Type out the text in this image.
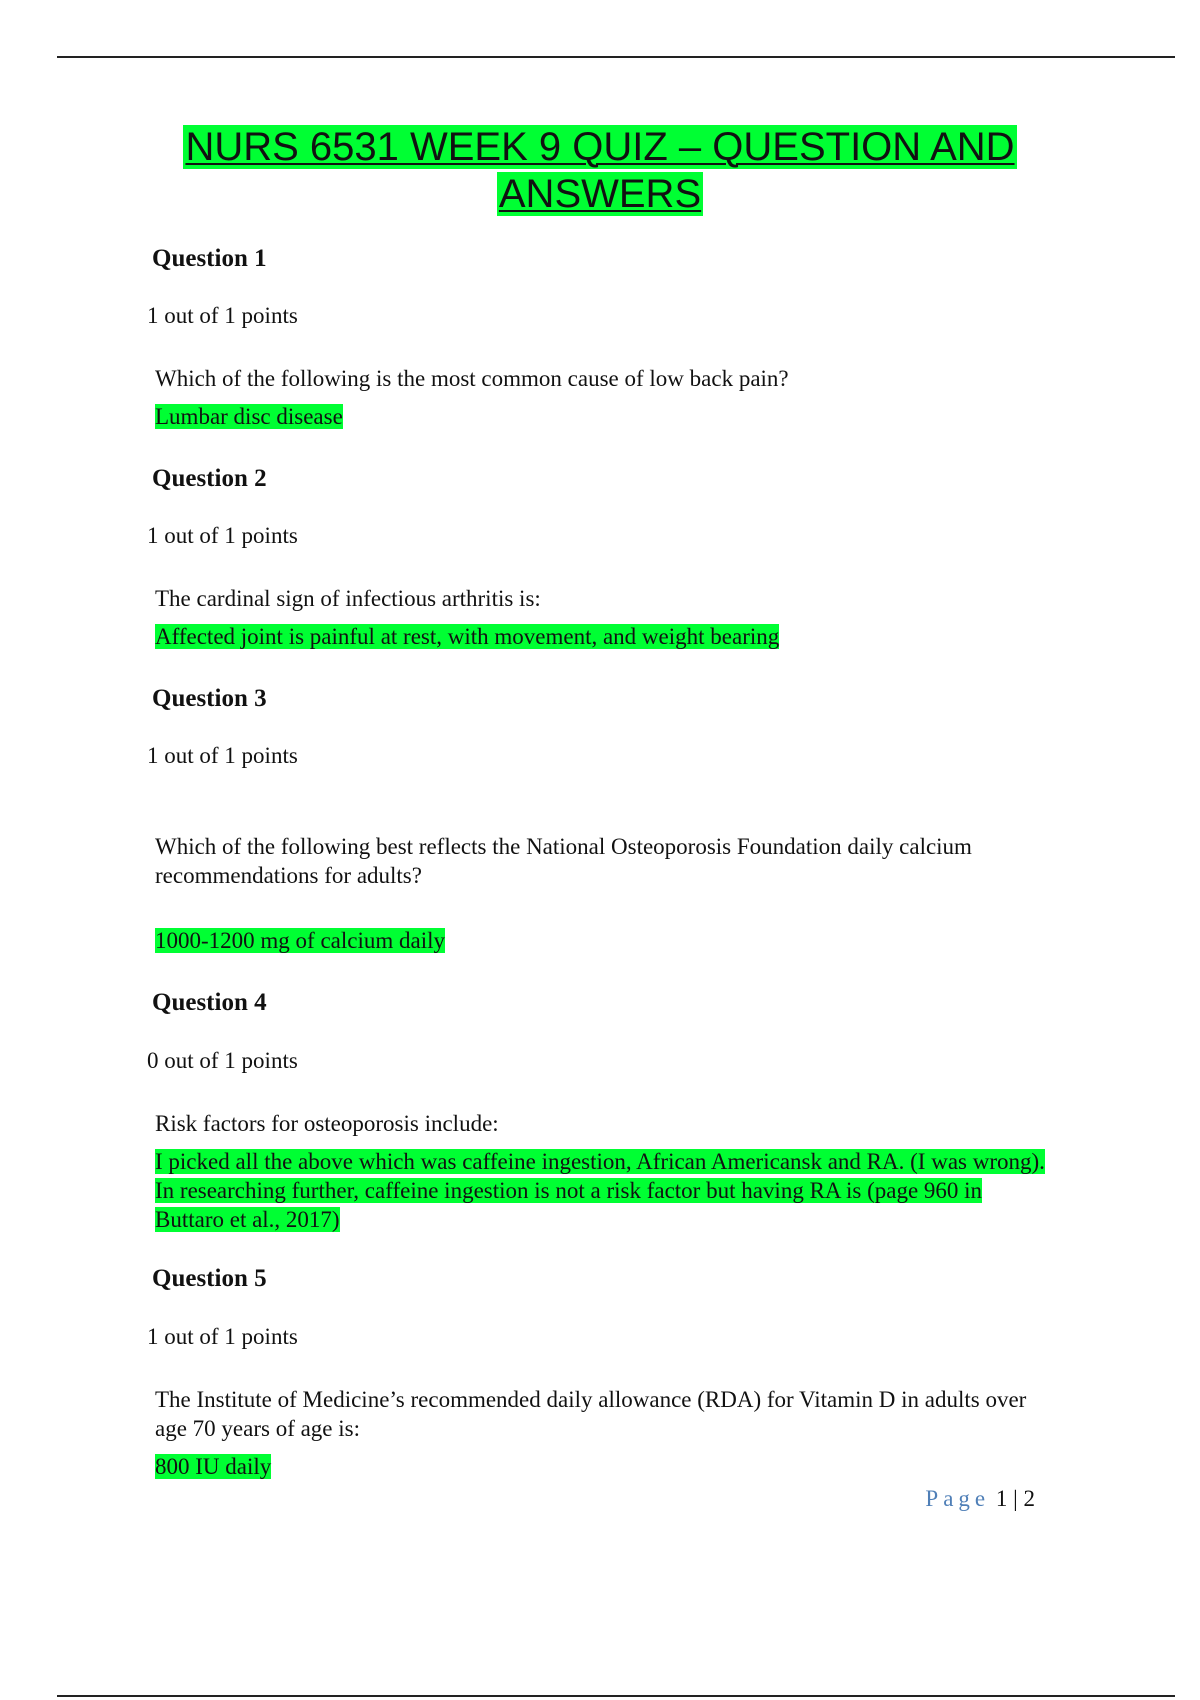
NURS 6531 WEEK 9 QUIZ – QUESTION AND
ANSWERS
Question 1
1 out of 1 points
Which of the following is the most common cause of low back pain?
Lumbar disc disease
Question 2
1 out of 1 points
The cardinal sign of infectious arthritis is:
Affected joint is painful at rest, with movement, and weight bearing
Question 3
1 out of 1 points
Which of the following best reflects the National Osteoporosis Foundation daily calcium recommendations for adults?
1000-1200 mg of calcium daily
Question 4
0 out of 1 points
Risk factors for osteoporosis include:
I picked all the above which was caffeine ingestion, African Americansk and RA. (I was wrong). In researching further, caffeine ingestion is not a risk factor but having RA is (page 960 in Buttaro et al., 2017)
Question 5
1 out of 1 points
The Institute of Medicine’s recommended daily allowance (RDA) for Vitamin D in adults over age 70 years of age is:
800 IU daily
Page 1 | 2
